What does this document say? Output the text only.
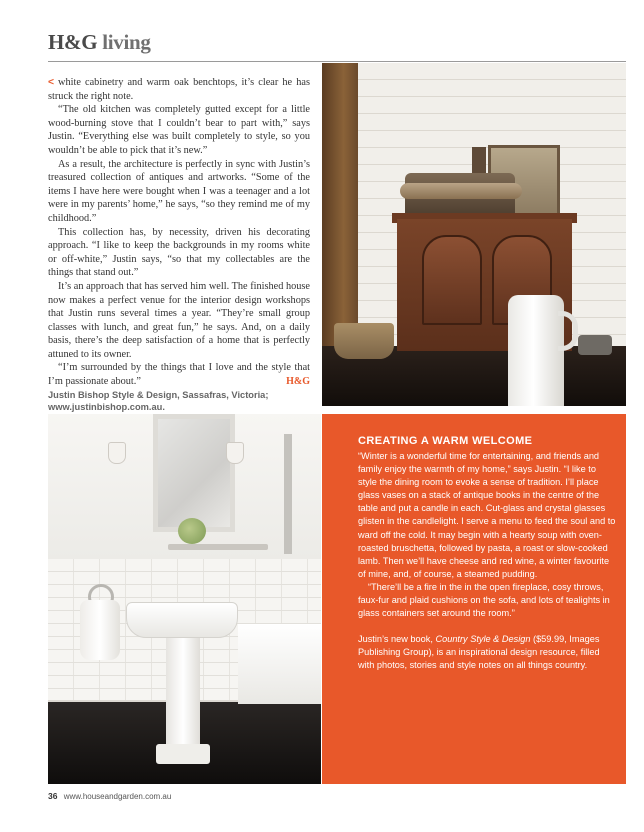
H&G living

< white cabinetry and warm oak benchtops, it’s clear he has struck the right note.

“The old kitchen was completely gutted except for a little wood-burning stove that I couldn’t bear to part with,” says Justin. “Everything else was built completely to style, so you wouldn’t be able to pick that it’s new.”

As a result, the architecture is perfectly in sync with Justin’s treasured collection of antiques and artworks. “Some of the items I have here were bought when I was a teenager and a lot were in my parents’ home,” he says, “so they remind me of my childhood.”

This collection has, by necessity, driven his decorating approach. “I like to keep the backgrounds in my rooms white or off-white,” Justin says, “so that my collectables are the things that stand out.”

It’s an approach that has served him well. The finished house now makes a perfect venue for the interior design workshops that Justin runs several times a year. “They’re small group classes with lunch, and great fun,” he says. And, on a daily basis, there’s the deep satisfaction of a home that is perfectly attuned to its owner.

“I’m surrounded by the things that I love and the style that I’m passionate about.”	H&G

Justin Bishop Style & Design, Sassafras, Victoria; www.justinbishop.com.au.

CREATING A WARM WELCOME

“Winter is a wonderful time for entertaining, and friends and family enjoy the warmth of my home,” says Justin. “I like to style the dining room to evoke a sense of tradition. I’ll place glass vases on a stack of antique books in the centre of the table and put a candle in each. Cut-glass and crystal glasses glisten in the candlelight. I serve a menu to feed the soul and to ward off the cold. It may begin with a hearty soup with oven-roasted bruschetta, followed by pasta, a roast or slow-cooked lamb. Then we’ll have cheese and red wine, a winter favourite of mine, and, of course, a steamed pudding.

“There’ll be a fire in the in the open fireplace, cosy throws, faux-fur and plaid cushions on the sofa, and lots of tealights in glass containers set around the room.”

Justin’s new book, Country Style & Design ($59.99, Images Publishing Group), is an inspirational design resource, filled with photos, stories and style notes on all things country.

36 www.houseandgarden.com.au
